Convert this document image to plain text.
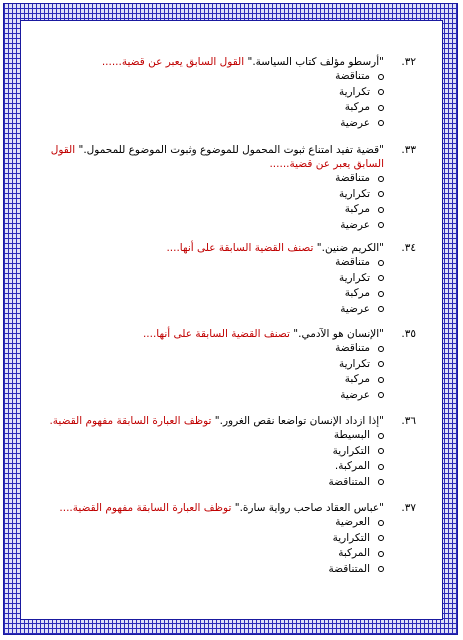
٣٢.
"أرسطو مؤلف كتاب السياسة." القول السابق يعبر عن قضية......
متناقضة
تكرارية
مركبة
عرضية
٣٣.
"قضية تفيد امتناع ثبوت المحمول للموضوع وثبوت الموضوع للمحمول." القول السابق يعبر عن قضية......
متناقضة
تكرارية
مركبة
عرضية
٣٤.
"الكريم ضنين." تصنف القضية السابقة على أنها....
متناقضة
تكرارية
مركبة
عرضية
٣٥.
"الإنسان هو الآدمي." تصنف القضية السابقة على أنها....
متناقضة
تكرارية
مركبة
عرضية
٣٦.
"إذا ازداد الإنسان تواضعا نقص الغرور." توظف العبارة السابقة مفهوم القضية.
البسيطة
التكرارية
المركبة.
المتناقضة
٣٧.
"عباس العقاد صاحب رواية سارة." توظف العبارة السابقة مفهوم القضية....
العرضية
التكرارية
المركبة
المتناقضة
